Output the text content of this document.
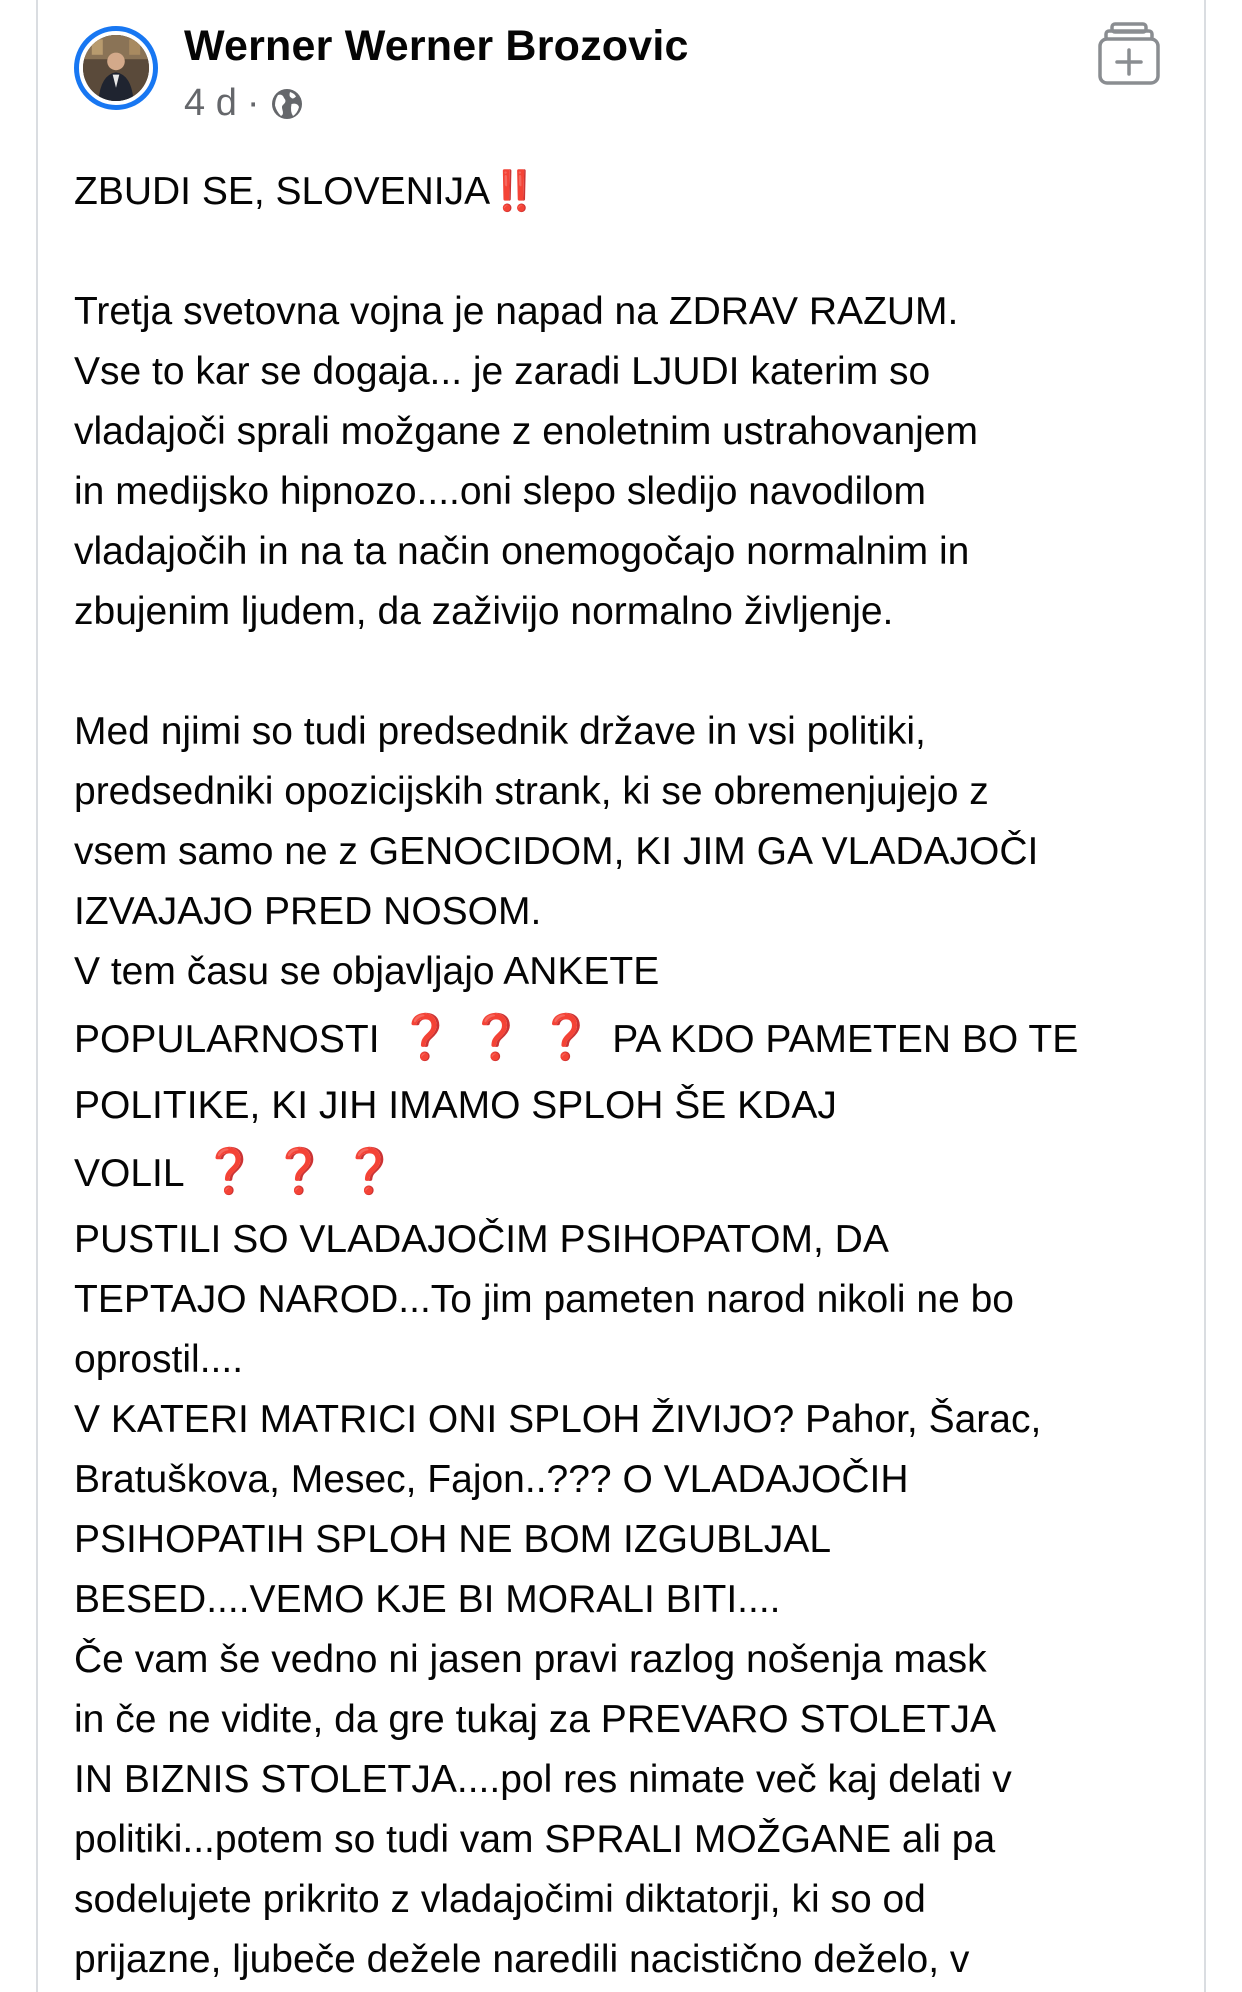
Werner Werner Brozovic
4 d ·

ZBUDI SE, SLOVENIJA‼️

Tretja svetovna vojna je napad na ZDRAV RAZUM.

Vse to kar se dogaja... je zaradi LJUDI katerim so

vladajoči sprali možgane z enoletnim ustrahovanjem

in medijsko hipnozo....oni slepo sledijo navodilom

vladajočih in na ta način onemogočajo normalnim in

zbujenim ljudem, da zaživijo normalno življenje.

Med njimi so tudi predsednik države in vsi politiki,

predsedniki opozicijskih strank, ki se obremenjujejo z

vsem samo ne z GENOCIDOM, KI JIM GA VLADAJOČI

IZVAJAJO PRED NOSOM.

V tem času se objavljajo ANKETE

POPULARNOSTI ❓ ❓ ❓ PA KDO PAMETEN BO TE

POLITIKE, KI JIH IMAMO SPLOH ŠE KDAJ

VOLIL ❓ ❓ ❓

PUSTILI SO VLADAJOČIM PSIHOPATOM, DA

TEPTAJO NAROD...To jim pameten narod nikoli ne bo

oprostil....

V KATERI MATRICI ONI SPLOH ŽIVIJO? Pahor, Šarac,

Bratuškova, Mesec, Fajon..??? O VLADAJOČIH

PSIHOPATIH SPLOH NE BOM IZGUBLJAL

BESED....VEMO KJE BI MORALI BITI....

Če vam še vedno ni jasen pravi razlog nošenja mask

in če ne vidite, da gre tukaj za PREVARO STOLETJA

IN BIZNIS STOLETJA....pol res nimate več kaj delati v

politiki...potem so tudi vam SPRALI MOŽGANE ali pa

sodelujete prikrito z vladajočimi diktatorji, ki so od

prijazne, ljubeče dežele naredili nacistično deželo, v
